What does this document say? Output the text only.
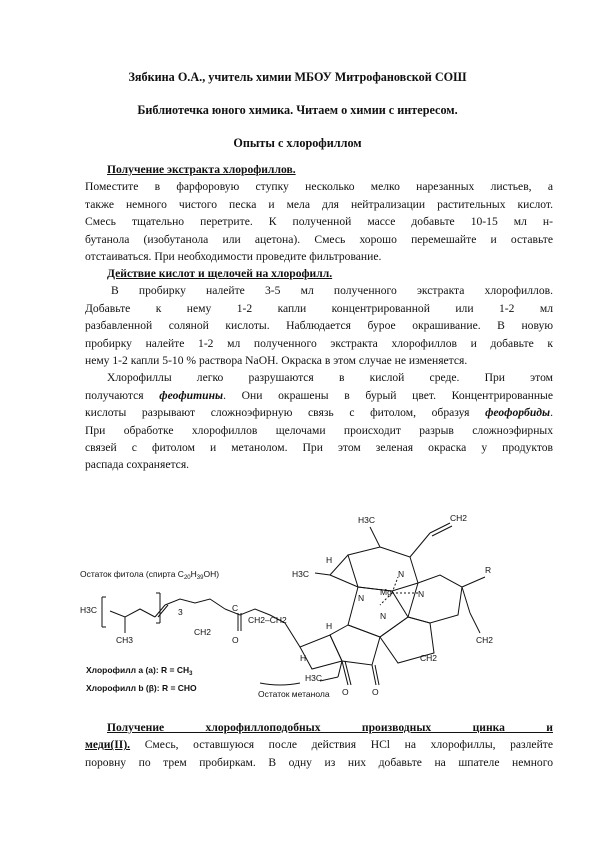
Зябкина О.А., учитель химии МБОУ Митрофановской СОШ
Библиотечка юного химика. Читаем о химии с интересом.
Опыты с хлорофиллом
Получение экстракта хлорофиллов.
Поместите в фарфоровую ступку несколько мелко нарезанных листьев, а
также немного чистого песка и мела для нейтрализации растительных кислот.
Смесь тщательно перетрите. К полученной массе добавьте 10-15 мл н-
бутанола (изобутанола или ацетона). Смесь хорошо перемешайте и оставьте
отстаиваться. При необходимости проведите фильтрование.
Действие кислот и щелочей на хлорофилл.
В пробирку налейте 3-5 мл полученного экстракта хлорофиллов.
Добавьте к нему 1-2 капли концентрированной или 1-2 мл
разбавленной соляной кислоты. Наблюдается бурое окрашивание. В новую
пробирку налейте 1-2 мл полученного экстракта хлорофиллов и добавьте к
нему 1-2 капли 5-10 % раствора NaOH. Окраска в этом случае не изменяется.
Хлорофиллы легко разрушаются в кислой среде. При этом
получаются феофитины. Они окрашены в бурый цвет. Концентрированные
кислоты разрывают сложноэфирную связь с фитолом, образуя феофорбиды.
При обработке хлорофиллов щелочами происходит разрыв сложноэфирных
связей с фитолом и метанолом. При этом зеленая окраска у продуктов
распада сохраняется.
H3C	CH2
H3C
H
N
N
Mg	N
N
R
CH2
H
H
H3C
O	O
CH2
H3C
CH3
CH2
CH2–CH2
C
O
3
Остаток фитола (спирта $C_{20}H_{39}OH$)
Остаток метанола
Хлорофилл a (а): $R = CH_3$
Хлорофилл b (β): R = CHO
Получение хлорофиллоподобных производных цинка и
меди(II). Смесь, оставшуюся после действия HCl на хлорофиллы, разлейте
поровну по трем пробиркам. В одну из них добавьте на шпателе немного
